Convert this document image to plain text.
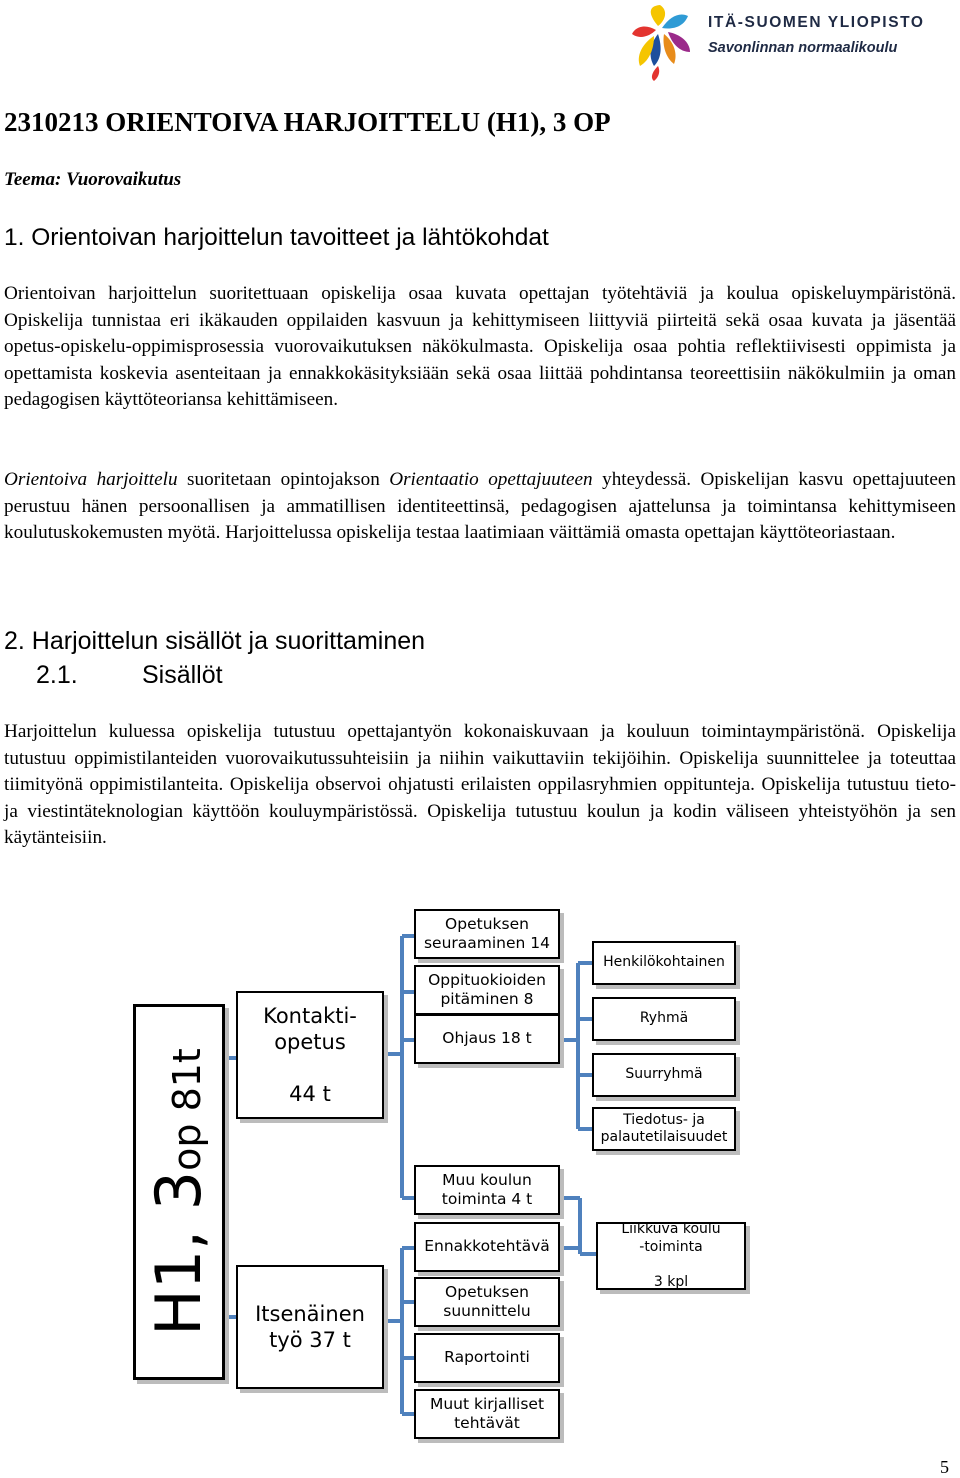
ITÄ-SUOMEN YLIOPISTO
Savonlinnan normaalikoulu
2310213 ORIENTOIVA HARJOITTELU (H1), 3 OP
Teema: Vuorovaikutus
1. Orientoivan harjoittelun tavoitteet ja lähtökohdat

Orientoivan harjoittelun suoritettuaan opiskelija osaa kuvata opettajan työtehtäviä ja koulua opiskeluympäristönä. Opiskelija tunnistaa eri ikäkauden oppilaiden kasvuun ja kehittymiseen liittyviä piirteitä sekä osaa kuvata ja jäsentää opetus-opiskelu-oppimisprosessia vuorovaikutuksen näkökulmasta. Opiskelija osaa pohtia reflektiivisesti oppimista ja opettamista koskevia asenteitaan ja ennakkokäsityksiään sekä osaa liittää pohdintansa teoreettisiin näkökulmiin ja oman pedagogisen käyttöteoriansa kehittämiseen.

Orientoiva harjoittelu suoritetaan opintojakson Orientaatio opettajuuteen yhteydessä. Opiskelijan kasvu opettajuuteen perustuu hänen persoonallisen ja ammatillisen identiteettinsä, pedagogisen ajattelunsa ja toimintansa kehittymiseen koulutuskokemusten myötä. Harjoittelussa opiskelija testaa laatimiaan väittämiä omasta opettajan käyttöteoriastaan.

2. Harjoittelun sisällöt ja suorittaminen
2.1.	Sisällöt

Harjoittelun kuluessa opiskelija tutustuu opettajantyön kokonaiskuvaan ja kouluun toimintaympäristönä. Opiskelija tutustuu oppimistilanteiden vuorovaikutussuhteisiin ja niihin vaikuttaviin tekijöihin. Opiskelija suunnittelee ja toteuttaa tiimityönä oppimistilanteita. Opiskelija observoi ohjatusti erilaisten oppilasryhmien oppitunteja. Opiskelija tutustuu tieto- ja viestintäteknologian käyttöön kouluympäristössä. Opiskelija tutustuu koulun ja kodin väliseen yhteistyöhön ja sen käytänteisiin.

H1, 3op 81t
Kontakti-
opetus

44 t
Itsenäinen
työ 37 t
Opetuksen
seuraaminen 14
Oppituokioiden
pitäminen 8
Ohjaus 18 t
Muu koulun
toiminta 4 t
Ennakkotehtävä
Opetuksen
suunnittelu
Raportointi
Muut kirjalliset
tehtävät
Henkilökohtainen
Ryhmä
Suurryhmä
Tiedotus- ja
palautetilaisuudet
Liikkuva koulu
-toiminta

3 kpl
5
